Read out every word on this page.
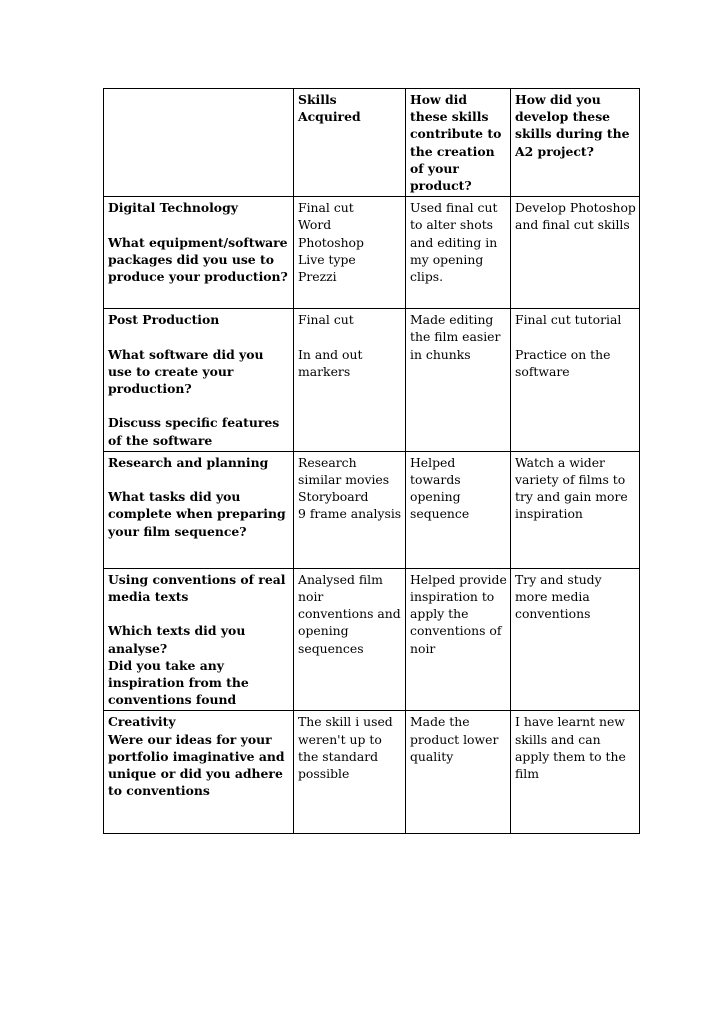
	Skills Acquired	How did these skills contribute to the creation of your product?	How did you develop these skills during the A2 project?

Digital Technology
What equipment/software packages did you use to produce your production?	Final cut
Word
Photoshop
Live type
Prezzi	Used final cut to alter shots and editing in my opening clips.	Develop Photoshop and final cut skills

Post Production
What software did you use to create your production?
Discuss specific features of the software	Final cut
In and out markers	Made editing the film easier in chunks	Final cut tutorial
Practice on the software

Research and planning
What tasks did you complete when preparing your film sequence?	Research similar movies
Storyboard
9 frame analysis	Helped towards opening sequence	Watch a wider variety of films to try and gain more inspiration

Using conventions of real media texts
Which texts did you analyse?
Did you take any inspiration from the conventions found	Analysed film noir conventions and opening sequences	Helped provide inspiration to apply the conventions of noir	Try and study more media conventions

Creativity
Were our ideas for your portfolio imaginative and unique or did you adhere to conventions	The skill i used weren't up to the standard possible	Made the product lower quality	I have learnt new skills and can apply them to the film
